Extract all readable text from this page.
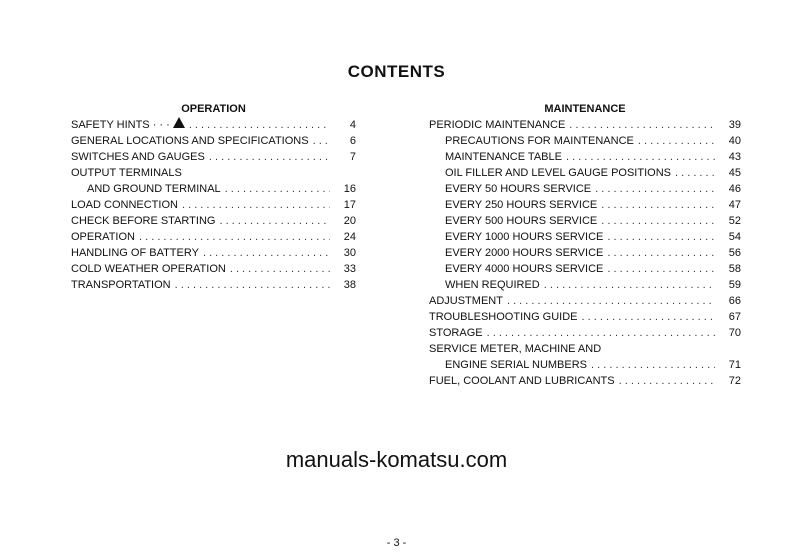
CONTENTS
OPERATION
SAFETY HINTS · · · . . .	4
GENERAL LOCATIONS AND SPECIFICATIONS . . .	6
SWITCHES AND GAUGES . . .	7
OUTPUT TERMINALS
AND GROUND TERMINAL . . .	16
LOAD CONNECTION . . .	17
CHECK BEFORE STARTING . . .	20
OPERATION . . .	24
HANDLING OF BATTERY . . .	30
COLD WEATHER OPERATION . . .	33
TRANSPORTATION . . .	38
MAINTENANCE
PERIODIC MAINTENANCE . . .	39
PRECAUTIONS FOR MAINTENANCE . . .	40
MAINTENANCE TABLE . . .	43
OIL FILLER AND LEVEL GAUGE POSITIONS . . .	45
EVERY 50 HOURS SERVICE . . .	46
EVERY 250 HOURS SERVICE . . .	47
EVERY 500 HOURS SERVICE . . .	52
EVERY 1000 HOURS SERVICE . . .	54
EVERY 2000 HOURS SERVICE . . .	56
EVERY 4000 HOURS SERVICE . . .	58
WHEN REQUIRED . . .	59
ADJUSTMENT . . .	66
TROUBLESHOOTING GUIDE . . .	67
STORAGE . . .	70
SERVICE METER, MACHINE AND
ENGINE SERIAL NUMBERS . . .	71
FUEL, COOLANT AND LUBRICANTS . . .	72
manuals-komatsu.com
- 3 -
